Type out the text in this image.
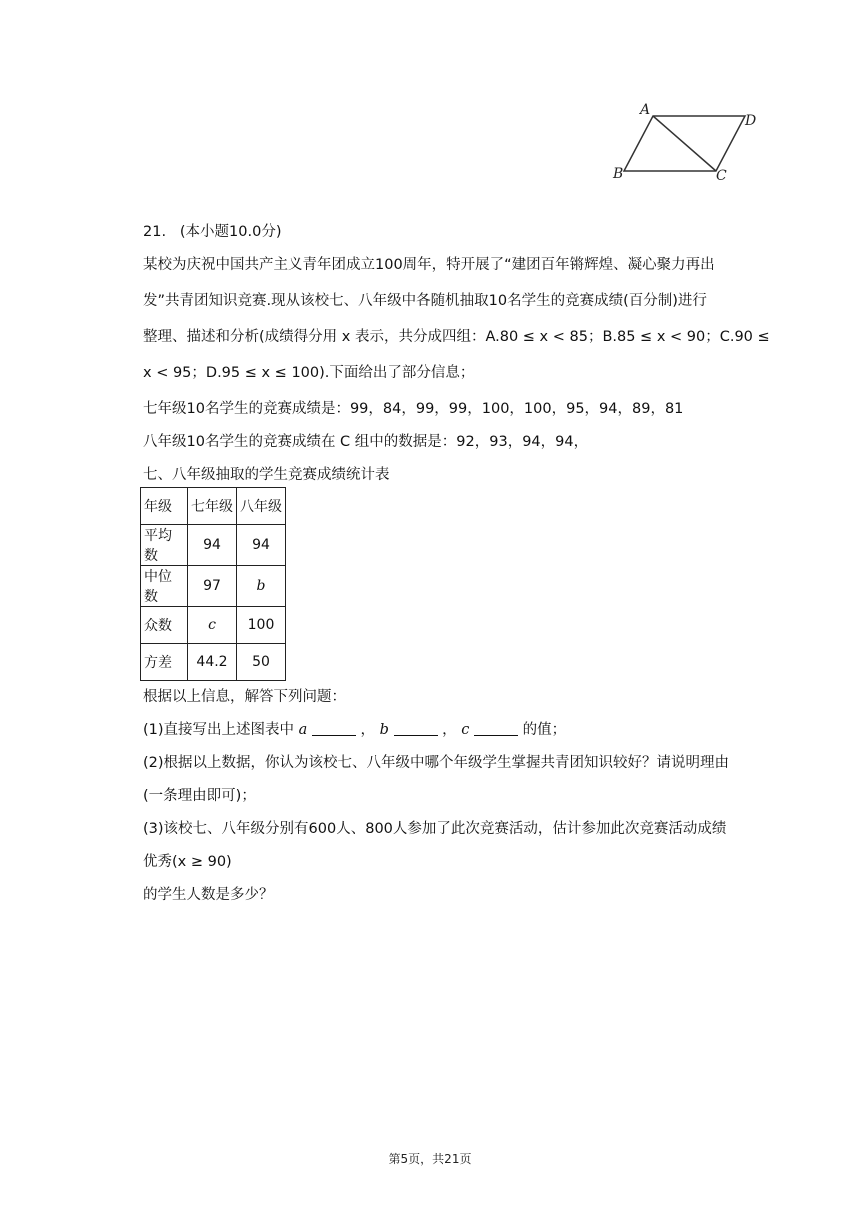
A
D
B	C

21. (本小题10.0分)

某校为庆祝中国共产主义青年团成立100周年，特开展了“建团百年锵辉煌、凝心聚力再出

发”共青团知识竞赛.现从该校七、八年级中各随机抽取10名学生的竞赛成绩(百分制)进行

整理、描述和分析(成绩得分用 x 表示，共分成四组：A.80 ≤ x < 85；B.85 ≤ x < 90；C.90 ≤

x < 95；D.95 ≤ x ≤ 100).下面给出了部分信息；

七年级10名学生的竞赛成绩是：99，84，99，99，100，100，95，94，89，81

八年级10名学生的竞赛成绩在 C 组中的数据是：92，93，94，94，

七、八年级抽取的学生竞赛成绩统计表

年级	七年级	八年级
平均数	94	94
中位数	97	b
众数	c	100
方差	44.2	50

根据以上信息，解答下列问题：

(1)直接写出上述图表中 a	， b	， c	的值；

(2)根据以上数据，你认为该校七、八年级中哪个年级学生掌握共青团知识较好？请说明理由

(一条理由即可)；

(3)该校七、八年级分别有600人、800人参加了此次竞赛活动，估计参加此次竞赛活动成绩

优秀(x ≥ 90)

的学生人数是多少？

第5页，共21页
